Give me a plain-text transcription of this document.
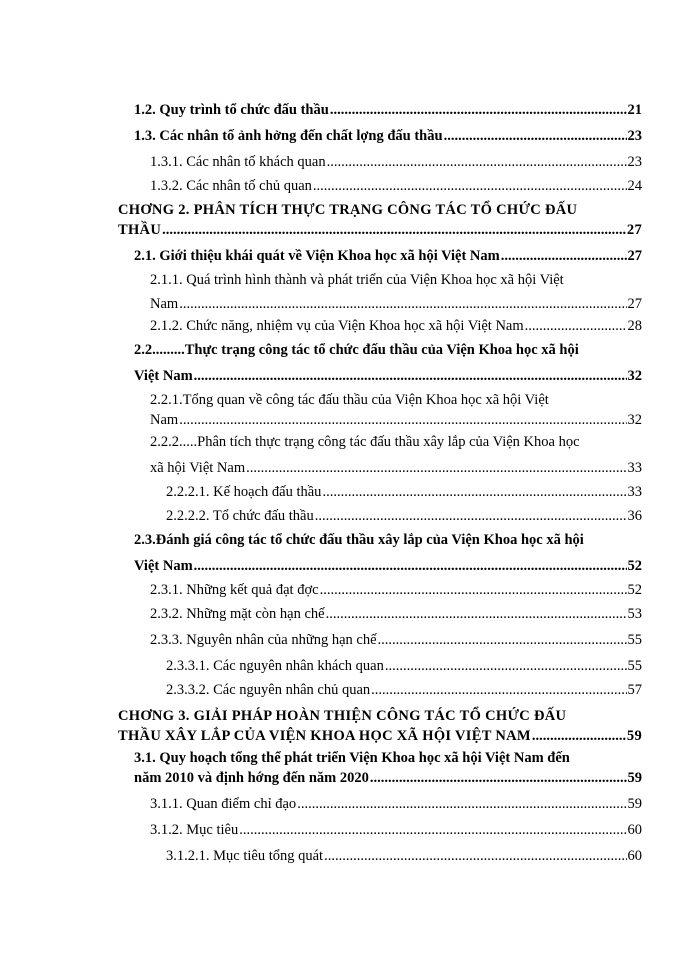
1.2. Quy trình tổ chức đấu thầu .....	21
1.3. Các nhân tố ảnh hởng đến chất lợng đấu thầu .....	23
1.3.1. Các nhân tố khách quan .....	23
1.3.2. Các nhân tố chủ quan .....	24
CHƠNG 2. PHÂN TÍCH THỰC TRẠNG CÔNG TÁC TỔ CHỨC ĐẤU
THẦU .....	27
2.1. Giới thiệu khái quát về Viện Khoa học xã hội Việt Nam .....	27
2.1.1. Quá trình hình thành và phát triển của Viện Khoa học xã hội Việt
Nam .....	27
2.1.2. Chức năng, nhiệm vụ của Viện Khoa học xã hội Việt Nam .....	28
2.2.........Thực trạng công tác tổ chức đấu thầu của Viện Khoa học xã hội
Việt Nam .....	32
2.2.1.Tổng quan về công tác đấu thầu của Viện Khoa học xã hội Việt
Nam .....	32
2.2.2.....Phân tích thực trạng công tác đấu thầu xây lắp của Viện Khoa học
xã hội Việt Nam .....	33
2.2.2.1. Kế hoạch đấu thầu .....	33
2.2.2.2. Tổ chức đấu thầu .....	36
2.3.Đánh giá công tác tổ chức đấu thầu xây lắp của Viện Khoa học xã hội
Việt Nam .....	52
2.3.1. Những kết quả đạt đợc .....	52
2.3.2. Những mặt còn hạn chế .....	53
2.3.3. Nguyên nhân của những hạn chế .....	55
2.3.3.1. Các nguyên nhân khách quan .....	55
2.3.3.2. Các nguyên nhân chủ quan .....	57
CHƠNG 3. GIẢI PHÁP HOÀN THIỆN CÔNG TÁC TỔ CHỨC ĐẤU
THẦU XÂY LẮP CỦA VIỆN KHOA HỌC XÃ HỘI VIỆT NAM .....	59
3.1. Quy hoạch tổng thể phát triển Viện Khoa học xã hội Việt Nam đến
năm 2010 và định hớng đến năm 2020 .....	59
3.1.1. Quan điểm chỉ đạo .....	59
3.1.2. Mục tiêu .....	60
3.1.2.1. Mục tiêu tổng quát .....	60
